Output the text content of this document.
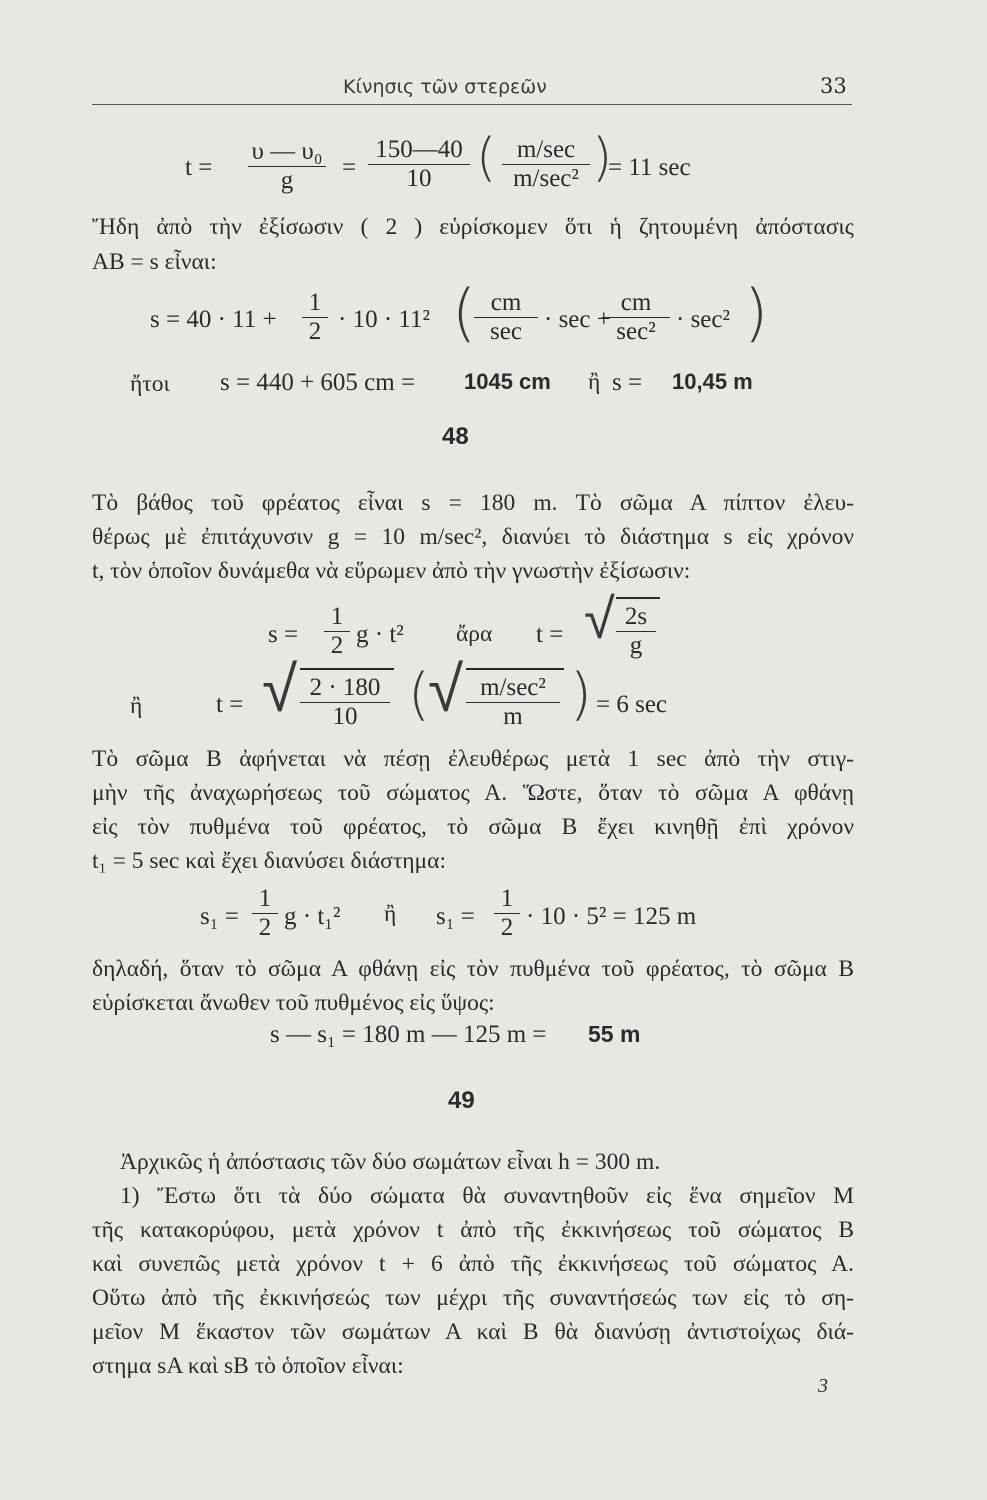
Κίνησις τῶν στερεῶν	33
$t = \frac{\text{υ — υ₀}}{g} = \frac{150—40}{10}$ ( m/sec
m/sec² )
= 11 sec
Ἤδη ἀπὸ τὴν ἐξίσωσιν ( 2 ) εὑρίσκομεν ὅτι ἡ ζητουμένη ἀπόστασις
AB = s εἶναι:
$s = 40 \cdot 11 + \frac{1}{2} \cdot 10 \cdot 11^2$ ( cm
sec · sec +
cm
sec² · sec² )
ἤτοι s = 440 + 605 cm = 1045 cm ἢ s = 10,45 m
48
Τὸ βάθος τοῦ φρέατος εἶναι s = 180 m. Τὸ σῶμα Α πίπτον ἐλευ-
θέρως μὲ ἐπιτάχυνσιν g = 10 m/sec², διανύει τὸ διάστημα s εἰς χρόνον
t, τὸν ὁποῖον δυνάμεθα νὰ εὕρωμεν ἀπὸ τὴν γνωστὴν ἐξίσωσιν:
$s = \frac{1}{2}$ g · t² ἄρα t = √ $\frac{2s}{g}$
ἢ	t = √ $\frac{2 \cdot 180}{10}$ (
√ m/sec²
m ) = 6 sec
Τὸ σῶμα Β ἀφήνεται νὰ πέσῃ ἐλευθέρως μετὰ 1 sec ἀπὸ τὴν στιγ-
μὴν τῆς ἀναχωρήσεως τοῦ σώματος Α. Ὥστε, ὅταν τὸ σῶμα Α φθάνῃ
εἰς τὸν πυθμένα τοῦ φρέατος, τὸ σῶμα Β ἔχει κινηθῇ ἐπὶ χρόνον
t₁ = 5 sec καὶ ἔχει διανύσει διάστημα:
$s_1 = \frac{1}{2}$ g · t₁² ἢ $s_1 = \frac{1}{2} \cdot 10 \cdot 5^2 = 125$ m
δηλαδή, ὅταν τὸ σῶμα Α φθάνῃ εἰς τὸν πυθμένα τοῦ φρέατος, τὸ σῶμα Β
εὑρίσκεται ἄνωθεν τοῦ πυθμένος εἰς ὕψος:
s — s₁ = 180 m — 125 m = 55 m
49
Ἀρχικῶς ἡ ἀπόστασις τῶν δύο σωμάτων εἶναι h = 300 m.
1) Ἔστω ὅτι τὰ δύο σώματα θὰ συναντηθοῦν εἰς ἕνα σημεῖον Μ
τῆς κατακορύφου, μετὰ χρόνον t ἀπὸ τῆς ἐκκινήσεως τοῦ σώματος Β
καὶ συνεπῶς μετὰ χρόνον t + 6 ἀπὸ τῆς ἐκκινήσεως τοῦ σώματος Α.
Οὕτω ἀπὸ τῆς ἐκκινήσεώς των μέχρι τῆς συναντήσεώς των εἰς τὸ ση-
μεῖον Μ ἕκαστον τῶν σωμάτων Α καὶ Β θὰ διανύσῃ ἀντιστοίχως διά-
στημα sA καὶ sB τὸ ὁποῖον εἶναι:
3
